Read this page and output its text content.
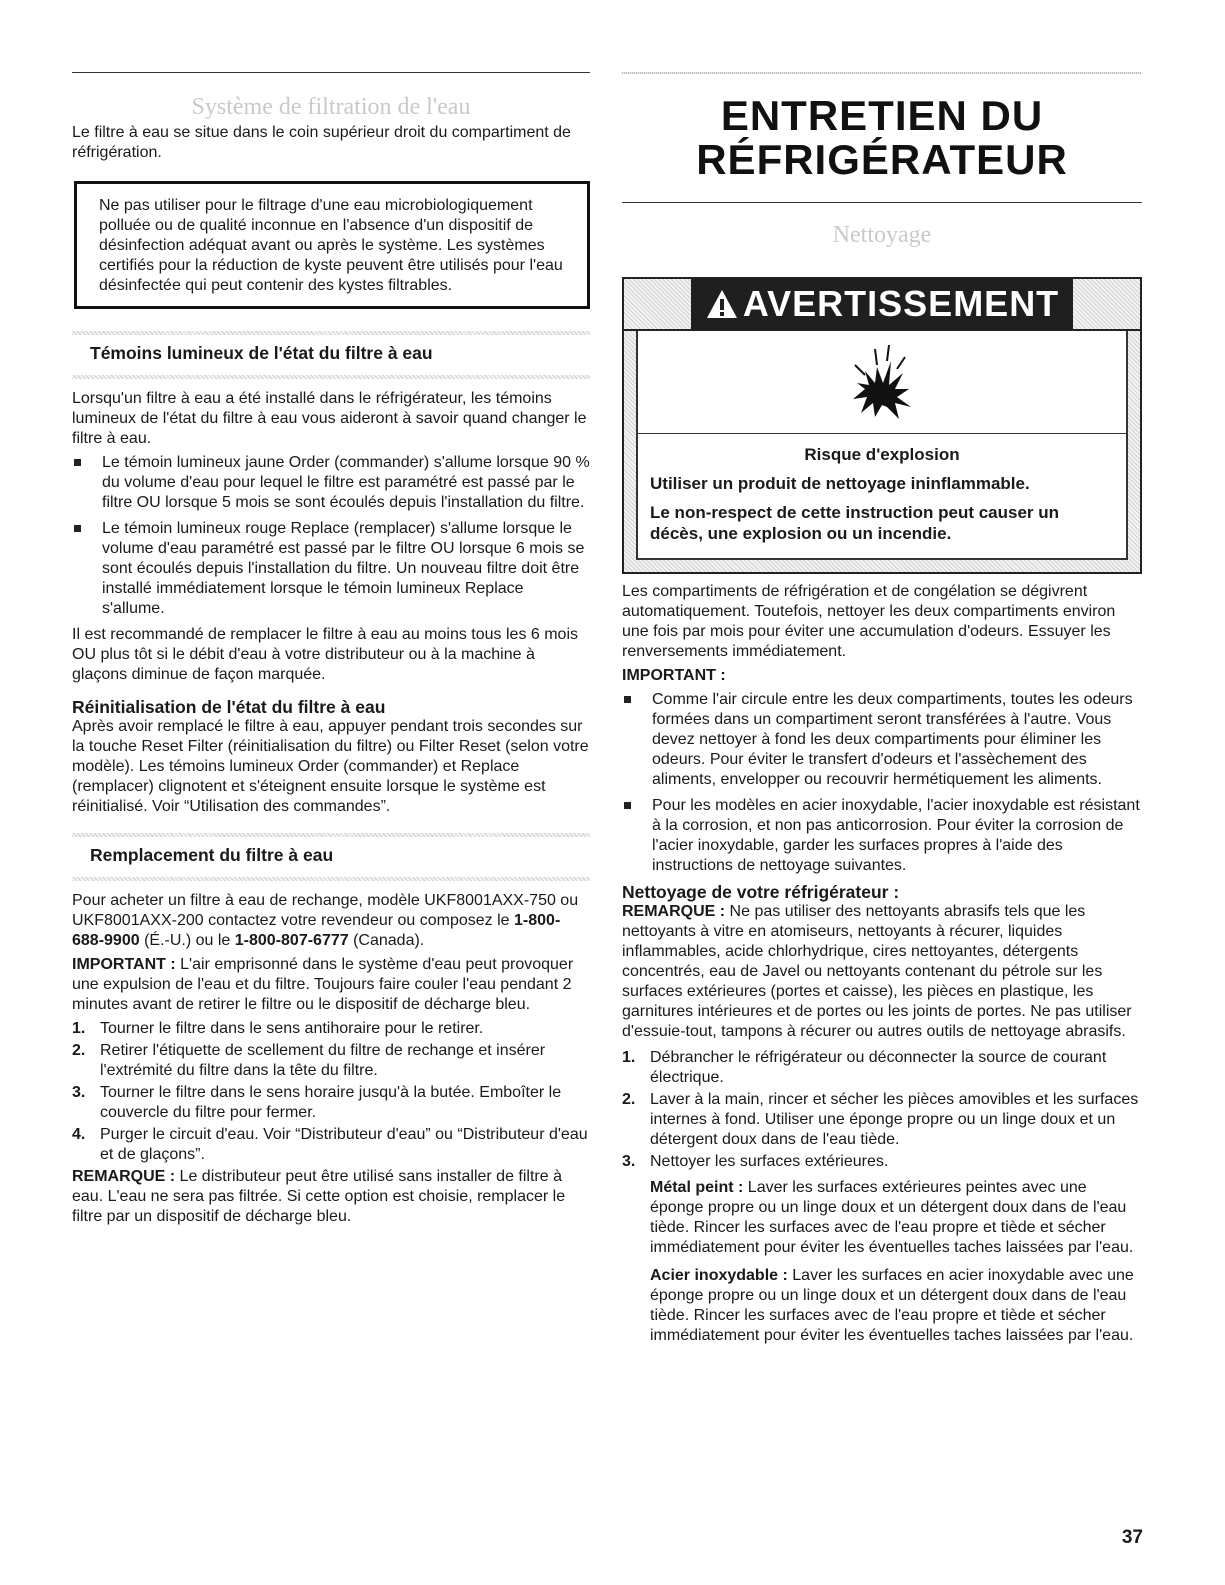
Système de filtration de l'eau

Le filtre à eau se situe dans le coin supérieur droit du compartiment de réfrigération.

Ne pas utiliser pour le filtrage d'une eau microbiologiquement polluée ou de qualité inconnue en l'absence d'un dispositif de désinfection adéquat avant ou après le système. Les systèmes certifiés pour la réduction de kyste peuvent être utilisés pour l'eau désinfectée qui peut contenir des kystes filtrables.

Témoins lumineux de l'état du filtre à eau

Lorsqu'un filtre à eau a été installé dans le réfrigérateur, les témoins lumineux de l'état du filtre à eau vous aideront à savoir quand changer le filtre à eau.

Le témoin lumineux jaune Order (commander) s'allume lorsque 90 % du volume d'eau pour lequel le filtre est paramétré est passé par le filtre OU lorsque 5 mois se sont écoulés depuis l'installation du filtre.
Le témoin lumineux rouge Replace (remplacer) s'allume lorsque le volume d'eau paramétré est passé par le filtre OU lorsque 6 mois se sont écoulés depuis l'installation du filtre. Un nouveau filtre doit être installé immédiatement lorsque le témoin lumineux Replace s'allume.

Il est recommandé de remplacer le filtre à eau au moins tous les 6 mois OU plus tôt si le débit d'eau à votre distributeur ou à la machine à glaçons diminue de façon marquée.

Réinitialisation de l'état du filtre à eau

Après avoir remplacé le filtre à eau, appuyer pendant trois secondes sur la touche Reset Filter (réinitialisation du filtre) ou Filter Reset (selon votre modèle). Les témoins lumineux Order (commander) et Replace (remplacer) clignotent et s'éteignent ensuite lorsque le système est réinitialisé. Voir “Utilisation des commandes”.

Remplacement du filtre à eau

Pour acheter un filtre à eau de rechange, modèle UKF8001AXX-750 ou UKF8001AXX-200 contactez votre revendeur ou composez le 1-800-688-9900 (É.-U.) ou le 1-800-807-6777 (Canada).

IMPORTANT : L'air emprisonné dans le système d'eau peut provoquer une expulsion de l'eau et du filtre. Toujours faire couler l'eau pendant 2 minutes avant de retirer le filtre ou le dispositif de décharge bleu.

1. Tourner le filtre dans le sens antihoraire pour le retirer.
2. Retirer l'étiquette de scellement du filtre de rechange et insérer l'extrémité du filtre dans la tête du filtre.
3. Tourner le filtre dans le sens horaire jusqu'à la butée. Emboîter le couvercle du filtre pour fermer.
4. Purger le circuit d'eau. Voir “Distributeur d'eau” ou “Distributeur d'eau et de glaçons”.

REMARQUE : Le distributeur peut être utilisé sans installer de filtre à eau. L'eau ne sera pas filtrée. Si cette option est choisie, remplacer le filtre par un dispositif de décharge bleu.

ENTRETIEN DU
RÉFRIGÉRATEUR
Nettoyage
AVERTISSEMENT
Risque d'explosion
Utiliser un produit de nettoyage ininflammable.
Le non-respect de cette instruction peut causer un décès, une explosion ou un incendie.

Les compartiments de réfrigération et de congélation se dégivrent automatiquement. Toutefois, nettoyer les deux compartiments environ une fois par mois pour éviter une accumulation d'odeurs. Essuyer les renversements immédiatement.

IMPORTANT :

Comme l'air circule entre les deux compartiments, toutes les odeurs formées dans un compartiment seront transférées à l'autre. Vous devez nettoyer à fond les deux compartiments pour éliminer les odeurs. Pour éviter le transfert d'odeurs et l'assèchement des aliments, envelopper ou recouvrir hermétiquement les aliments.
Pour les modèles en acier inoxydable, l'acier inoxydable est résistant à la corrosion, et non pas anticorrosion. Pour éviter la corrosion de l'acier inoxydable, garder les surfaces propres à l'aide des instructions de nettoyage suivantes.
Nettoyage de votre réfrigérateur :

REMARQUE : Ne pas utiliser des nettoyants abrasifs tels que les nettoyants à vitre en atomiseurs, nettoyants à récurer, liquides inflammables, acide chlorhydrique, cires nettoyantes, détergents concentrés, eau de Javel ou nettoyants contenant du pétrole sur les surfaces extérieures (portes et caisse), les pièces en plastique, les garnitures intérieures et de portes ou les joints de portes. Ne pas utiliser d'essuie-tout, tampons à récurer ou autres outils de nettoyage abrasifs.

1. Débrancher le réfrigérateur ou déconnecter la source de courant électrique.
2. Laver à la main, rincer et sécher les pièces amovibles et les surfaces internes à fond. Utiliser une éponge propre ou un linge doux et un détergent doux dans de l'eau tiède.
3. Nettoyer les surfaces extérieures.

Métal peint : Laver les surfaces extérieures peintes avec une éponge propre ou un linge doux et un détergent doux dans de l'eau tiède. Rincer les surfaces avec de l'eau propre et tiède et sécher immédiatement pour éviter les éventuelles taches laissées par l'eau.

Acier inoxydable : Laver les surfaces en acier inoxydable avec une éponge propre ou un linge doux et un détergent doux dans de l'eau tiède. Rincer les surfaces avec de l'eau propre et tiède et sécher immédiatement pour éviter les éventuelles taches laissées par l'eau.

37
